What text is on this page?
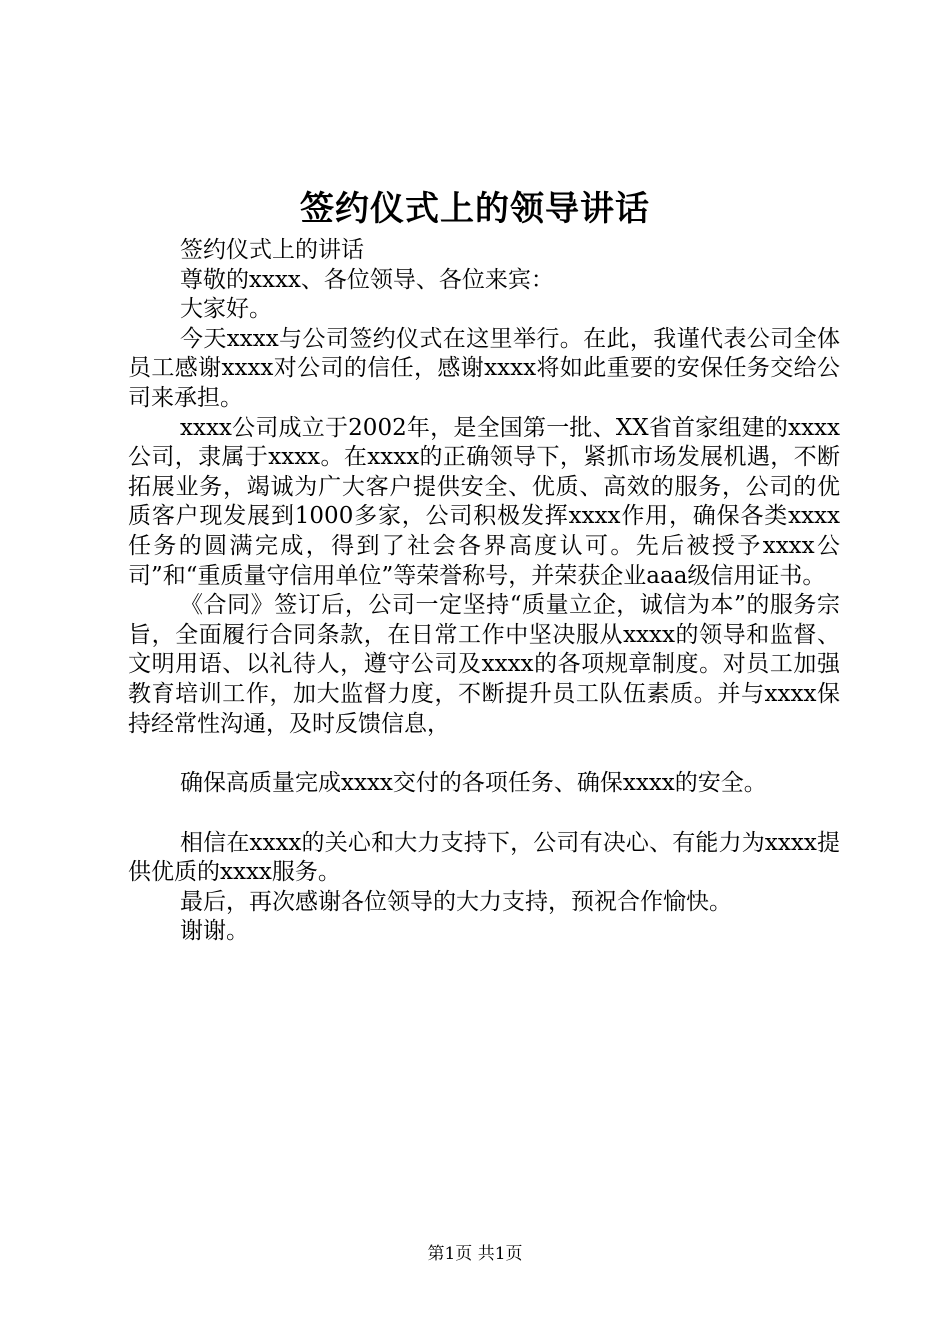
签约仪式上的领导讲话

签约仪式上的讲话

尊敬的xxxx、各位领导、各位来宾：

大家好。

今天xxxx与公司签约仪式在这里举行。在此，我谨代表公司全体员工感谢xxxx对公司的信任，感谢xxxx将如此重要的安保任务交给公司来承担。

xxxx公司成立于2002年，是全国第一批、XX省首家组建的xxxx公司，隶属于xxxx。在xxxx的正确领导下，紧抓市场发展机遇，不断拓展业务，竭诚为广大客户提供安全、优质、高效的服务，公司的优质客户现发展到1000多家，公司积极发挥xxxx作用，确保各类xxxx任务的圆满完成，得到了社会各界高度认可。先后被授予xxxx公司”和“重质量守信用单位”等荣誉称号，并荣获企业aaa级信用证书。

《合同》签订后，公司一定坚持“质量立企，诚信为本”的服务宗旨，全面履行合同条款，在日常工作中坚决服从xxxx的领导和监督、文明用语、以礼待人，遵守公司及xxxx的各项规章制度。对员工加强教育培训工作，加大监督力度，不断提升员工队伍素质。并与xxxx保持经常性沟通，及时反馈信息，

确保高质量完成xxxx交付的各项任务、确保xxxx的安全。

相信在xxxx的关心和大力支持下，公司有决心、有能力为xxxx提供优质的xxxx服务。

最后，再次感谢各位领导的大力支持，预祝合作愉快。

谢谢。

第1页 共1页
